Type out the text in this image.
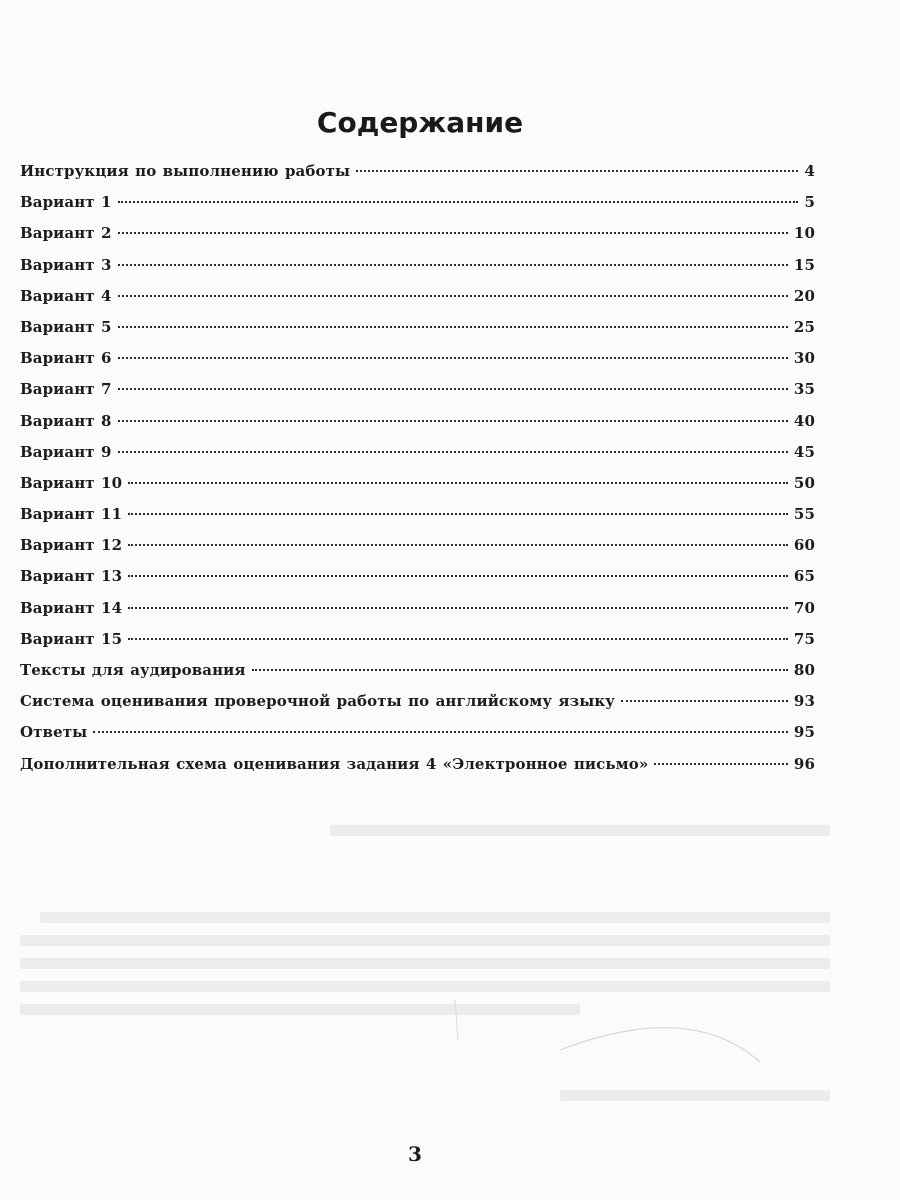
Содержание
Инструкция по выполнению работы	4
Вариант 1	5
Вариант 2	10
Вариант 3	15
Вариант 4	20
Вариант 5	25
Вариант 6	30
Вариант 7	35
Вариант 8	40
Вариант 9	45
Вариант 10	50
Вариант 11	55
Вариант 12	60
Вариант 13	65
Вариант 14	70
Вариант 15	75
Тексты для аудирования	80
Система оценивания проверочной работы по английскому языку	93
Ответы	95
Дополнительная схема оценивания задания 4 «Электронное письмо»	96
3
